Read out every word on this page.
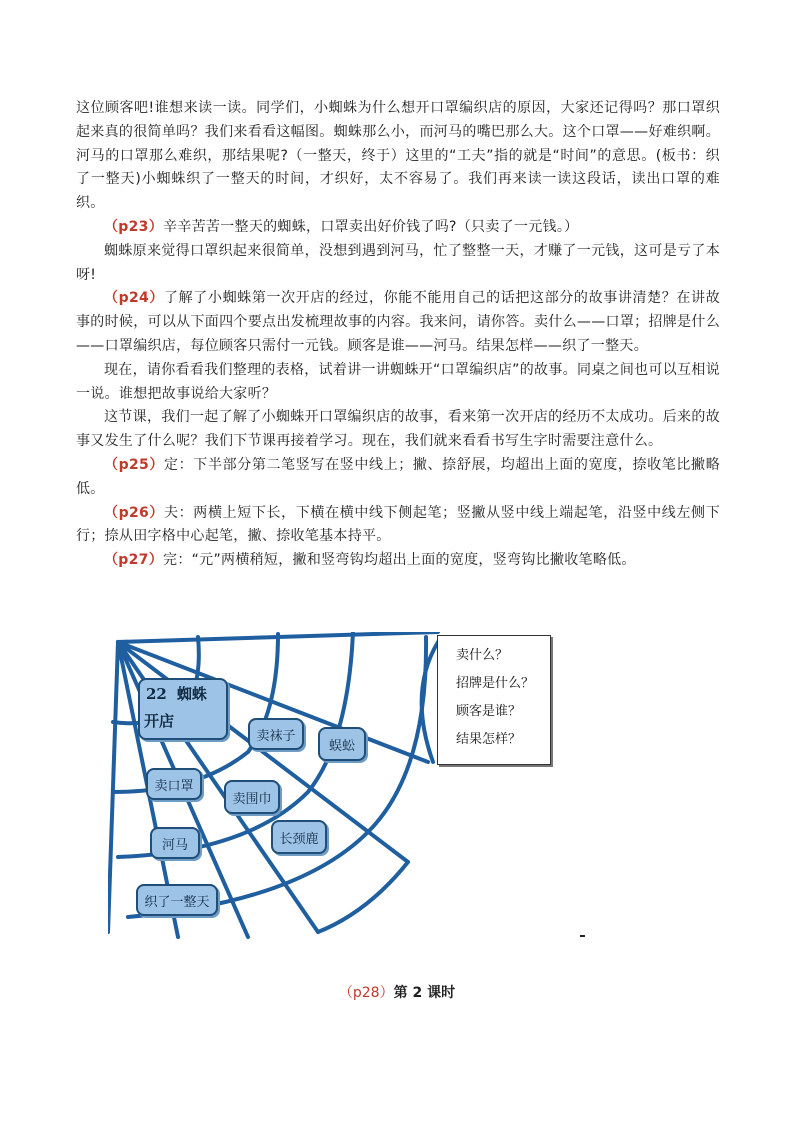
这位顾客吧!谁想来读一读。同学们，小蜘蛛为什么想开口罩编织店的原因，大家还记得吗？那口罩织起来真的很简单吗？我们来看看这幅图。蜘蛛那么小，而河马的嘴巴那么大。这个口罩——好难织啊。河马的口罩那么难织，那结果呢?（一整天，终于）这里的“工夫”指的就是“时间”的意思。(板书：织了一整天)小蜘蛛织了一整天的时间，才织好，太不容易了。我们再来读一读这段话，读出口罩的难织。

（p23）辛辛苦苦一整天的蜘蛛，口罩卖出好价钱了吗?（只卖了一元钱。）

蜘蛛原来觉得口罩织起来很简单，没想到遇到河马，忙了整整一天，才赚了一元钱，这可是亏了本呀!

（p24）了解了小蜘蛛第一次开店的经过，你能不能用自己的话把这部分的故事讲清楚？在讲故事的时候，可以从下面四个要点出发梳理故事的内容。我来问，请你答。卖什么——口罩；招牌是什么——口罩编织店，每位顾客只需付一元钱。顾客是谁——河马。结果怎样——织了一整天。

现在，请你看看我们整理的表格，试着讲一讲蜘蛛开“口罩编织店”的故事。同桌之间也可以互相说一说。谁想把故事说给大家听？

这节课，我们一起了解了小蜘蛛开口罩编织店的故事，看来第一次开店的经历不太成功。后来的故事又发生了什么呢？我们下节课再接着学习。现在，我们就来看看书写生字时需要注意什么。

（p25）定：下半部分第二笔竖写在竖中线上；撇、捺舒展，均超出上面的宽度，捺收笔比撇略低。

（p26）夫：两横上短下长，下横在横中线下侧起笔；竖撇从竖中线上端起笔，沿竖中线左侧下行；捺从田字格中心起笔，撇、捺收笔基本持平。

（p27）完：“元”两横稍短，撇和竖弯钩均超出上面的宽度，竖弯钩比撇收笔略低。

22 蜘蛛
开店
卖袜子
蜈蚣
卖口罩
卖围巾
河马	长颈鹿
织了一整天
卖什么？
招牌是什么？
顾客是谁？
结果怎样？
（p28）第 2 课时
